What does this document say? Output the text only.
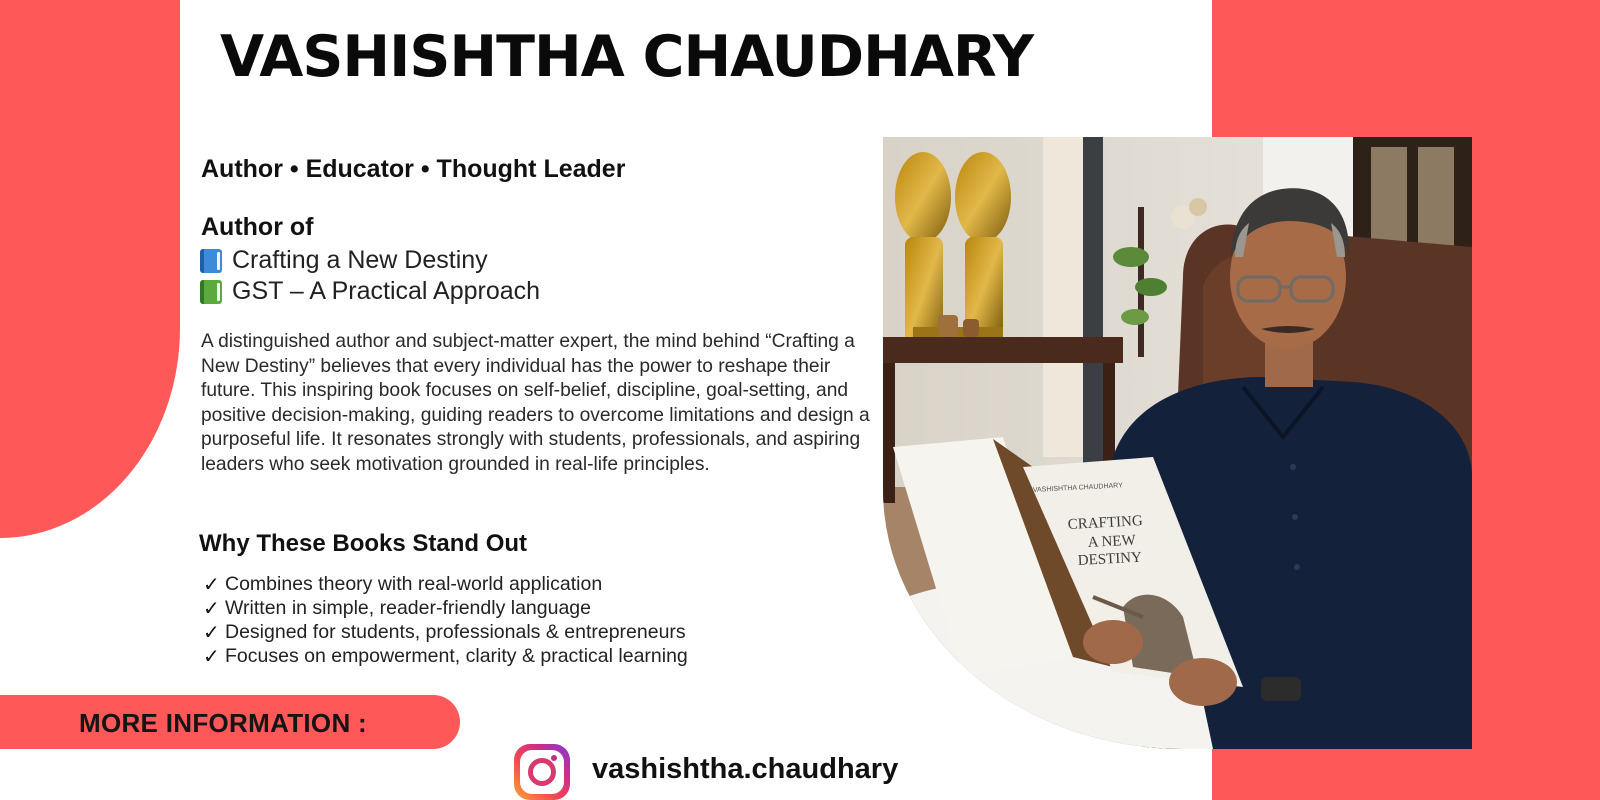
VASHISHTHA CHAUDHARY
Author • Educator • Thought Leader
Author of
Crafting a New Destiny
GST – A Practical Approach

A distinguished author and subject-matter expert, the mind behind “Crafting a New Destiny” believes that every individual has the power to reshape their future. This inspiring book focuses on self-belief, discipline, goal-setting, and positive decision-making, guiding readers to overcome limitations and design a purposeful life. It resonates strongly with students, professionals, and aspiring leaders who seek motivation grounded in real-life principles.

Why These Books Stand Out
✓ Combines theory with real-world application
✓ Written in simple, reader-friendly language
✓ Designed for students, professionals & entrepreneurs
✓ Focuses on empowerment, clarity & practical learning
MORE INFORMATION :
vashishtha.chaudhary
VASHISHTHA CHAUDHARY
CRAFTING
A NEW
DESTINY
